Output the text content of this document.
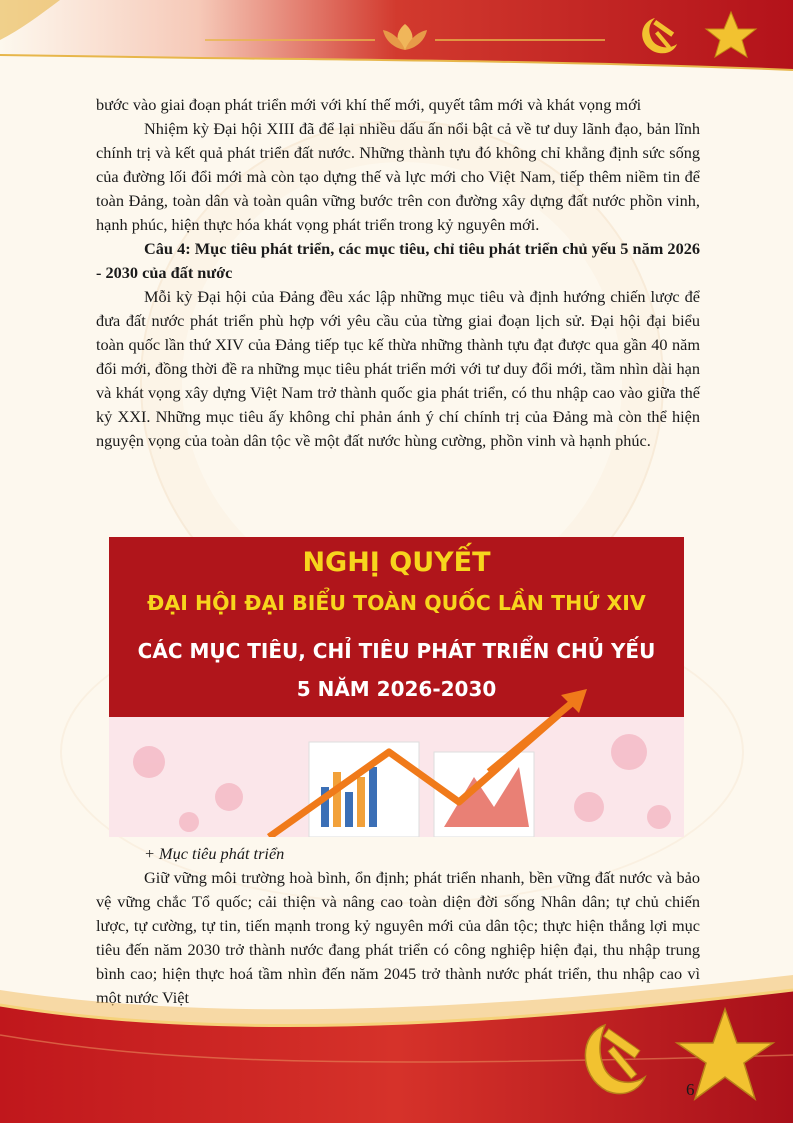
bước vào giai đoạn phát triển mới với khí thế mới, quyết tâm mới và khát vọng mới

Nhiệm kỳ Đại hội XIII đã để lại nhiều dấu ấn nổi bật cả về tư duy lãnh đạo, bản lĩnh chính trị và kết quả phát triển đất nước. Những thành tựu đó không chỉ khẳng định sức sống của đường lối đổi mới mà còn tạo dựng thế và lực mới cho Việt Nam, tiếp thêm niềm tin để toàn Đảng, toàn dân và toàn quân vững bước trên con đường xây dựng đất nước phồn vinh, hạnh phúc, hiện thực hóa khát vọng phát triển trong kỷ nguyên mới.

Câu 4: Mục tiêu phát triển, các mục tiêu, chỉ tiêu phát triển chủ yếu 5 năm 2026 - 2030 của đất nước

Mỗi kỳ Đại hội của Đảng đều xác lập những mục tiêu và định hướng chiến lược để đưa đất nước phát triển phù hợp với yêu cầu của từng giai đoạn lịch sử. Đại hội đại biểu toàn quốc lần thứ XIV của Đảng tiếp tục kế thừa những thành tựu đạt được qua gần 40 năm đổi mới, đồng thời đề ra những mục tiêu phát triển mới với tư duy đổi mới, tầm nhìn dài hạn và khát vọng xây dựng Việt Nam trở thành quốc gia phát triển, có thu nhập cao vào giữa thế kỷ XXI. Những mục tiêu ấy không chỉ phản ánh ý chí chính trị của Đảng mà còn thể hiện nguyện vọng của toàn dân tộc về một đất nước hùng cường, phồn vinh và hạnh phúc.

NGHỊ QUYẾT
ĐẠI HỘI ĐẠI BIỂU TOÀN QUỐC LẦN THỨ XIV
CÁC MỤC TIÊU, CHỈ TIÊU PHÁT TRIỂN CHỦ YẾU
5 NĂM 2026-2030

+ Mục tiêu phát triển

Giữ vững môi trường hoà bình, ổn định; phát triển nhanh, bền vững đất nước và bảo vệ vững chắc Tổ quốc; cải thiện và nâng cao toàn diện đời sống Nhân dân; tự chủ chiến lược, tự cường, tự tin, tiến mạnh trong kỷ nguyên mới của dân tộc; thực hiện thắng lợi mục tiêu đến năm 2030 trở thành nước đang phát triển có công nghiệp hiện đại, thu nhập trung bình cao; hiện thực hoá tầm nhìn đến năm 2045 trở thành nước phát triển, thu nhập cao vì một nước Việt

6
